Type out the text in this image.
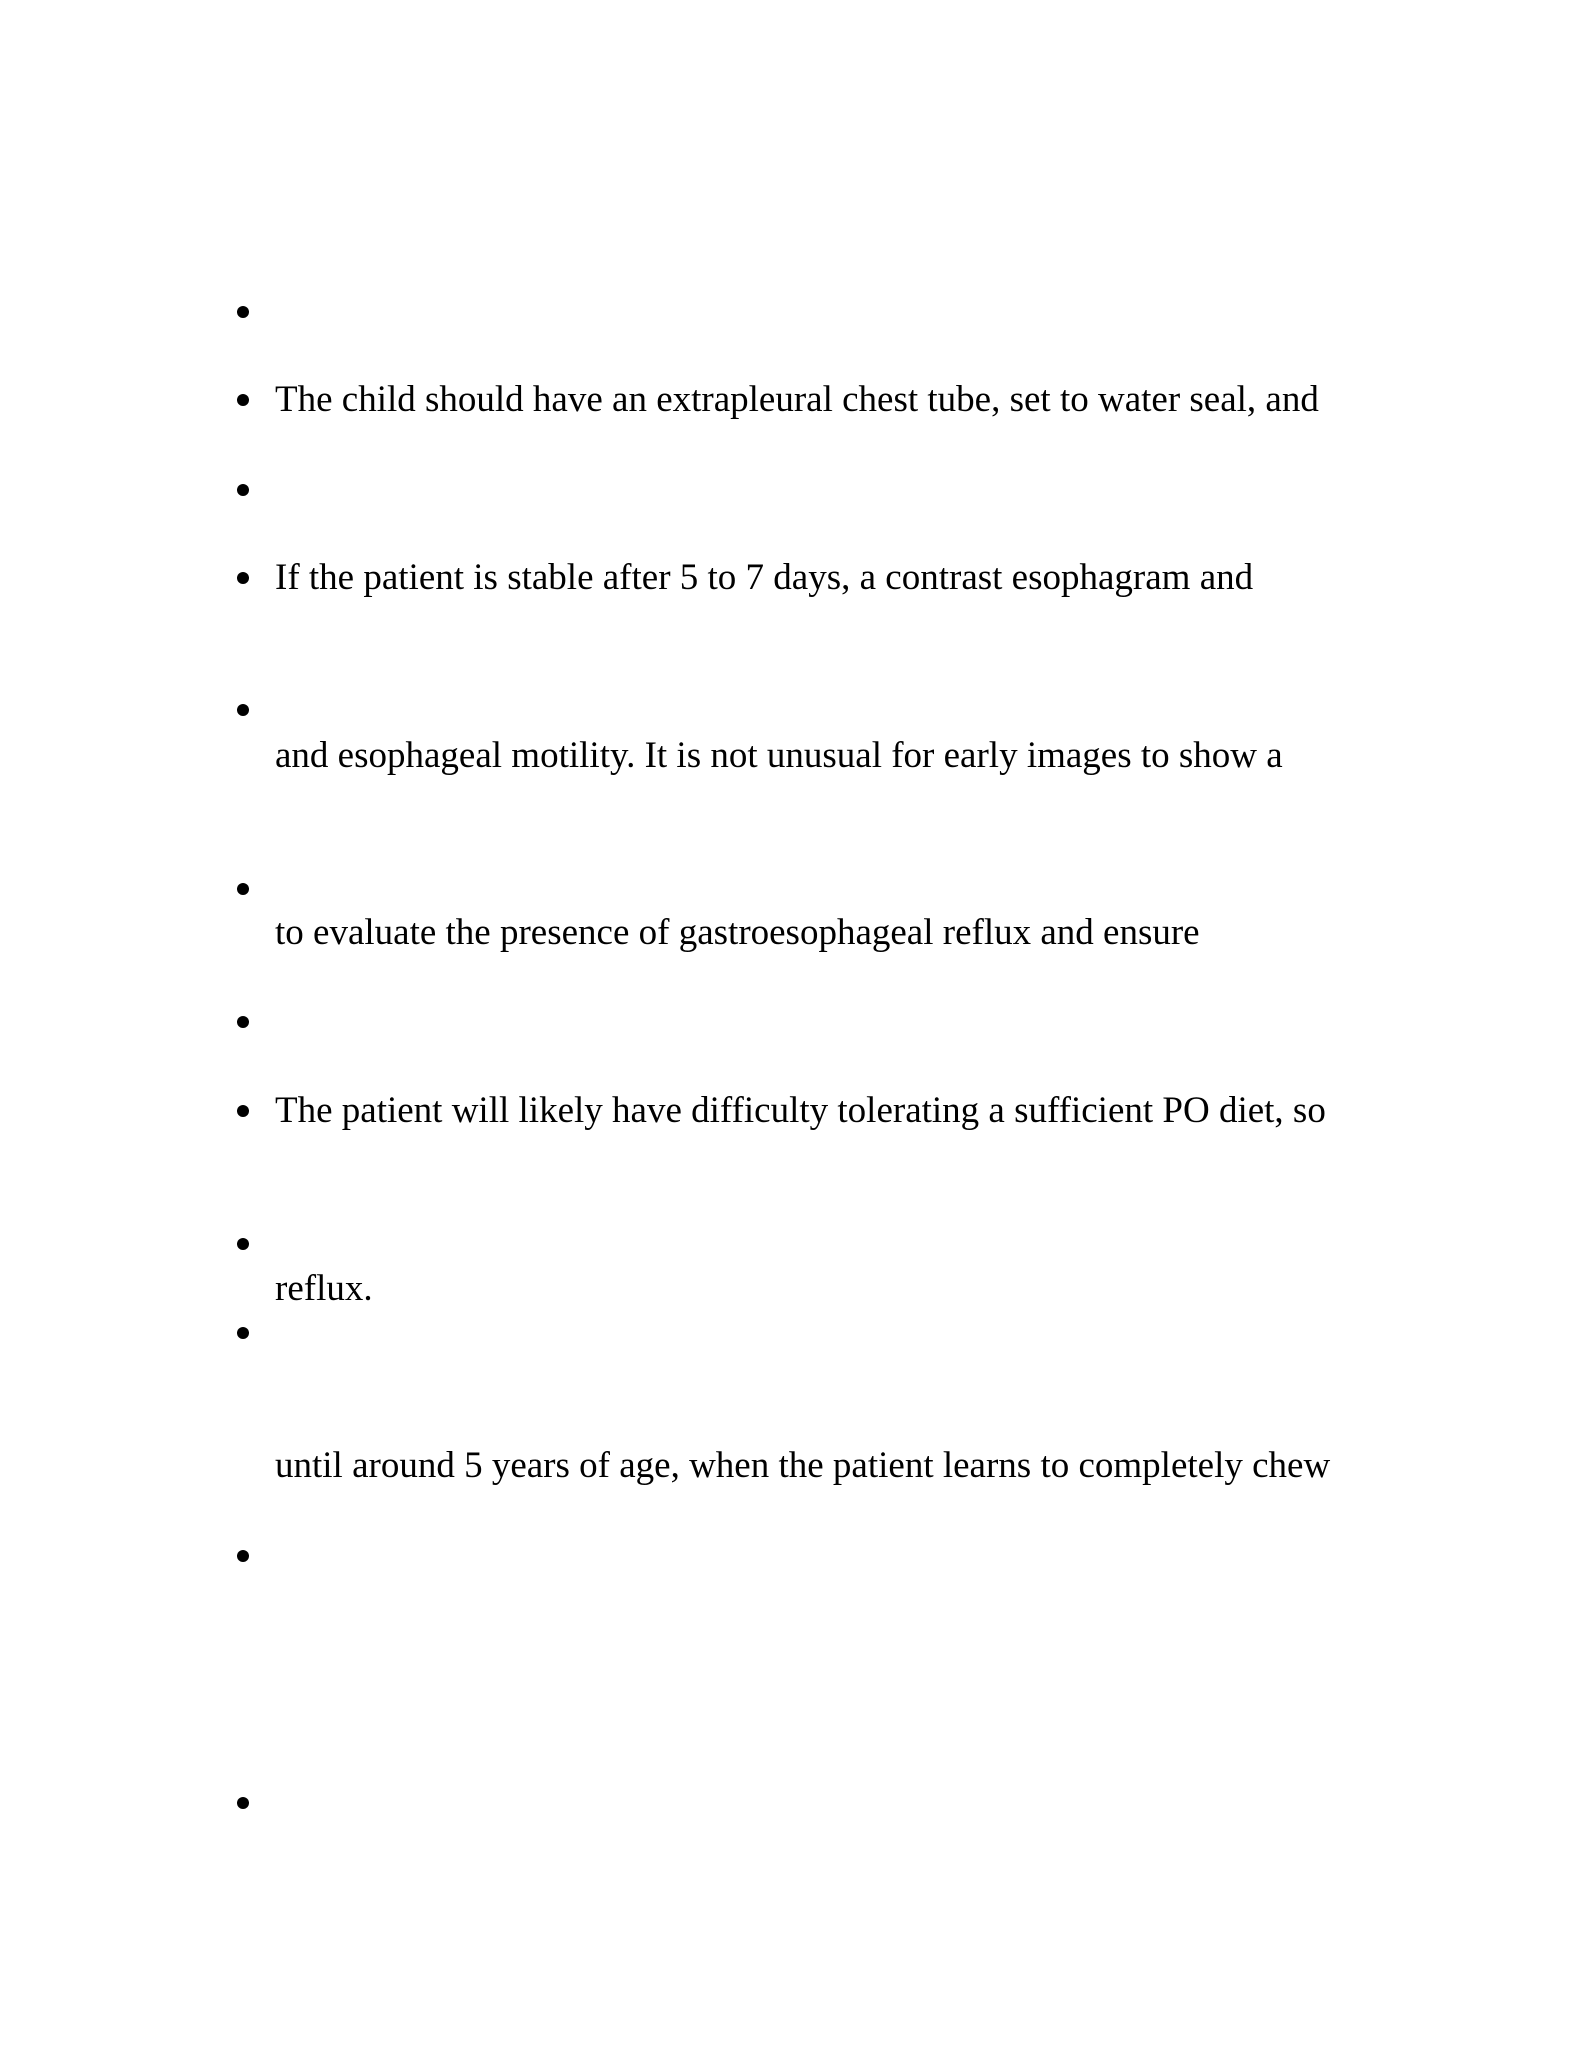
The child should have an extrapleural chest tube, set to water seal, and
If the patient is stable after 5 to 7 days, a contrast esophagram and
and esophageal motility. It is not unusual for early images to show a
to evaluate the presence of gastroesophageal reflux and ensure
The patient will likely have difficulty tolerating a sufficient PO diet, so
reflux.
until around 5 years of age, when the patient learns to completely chew
